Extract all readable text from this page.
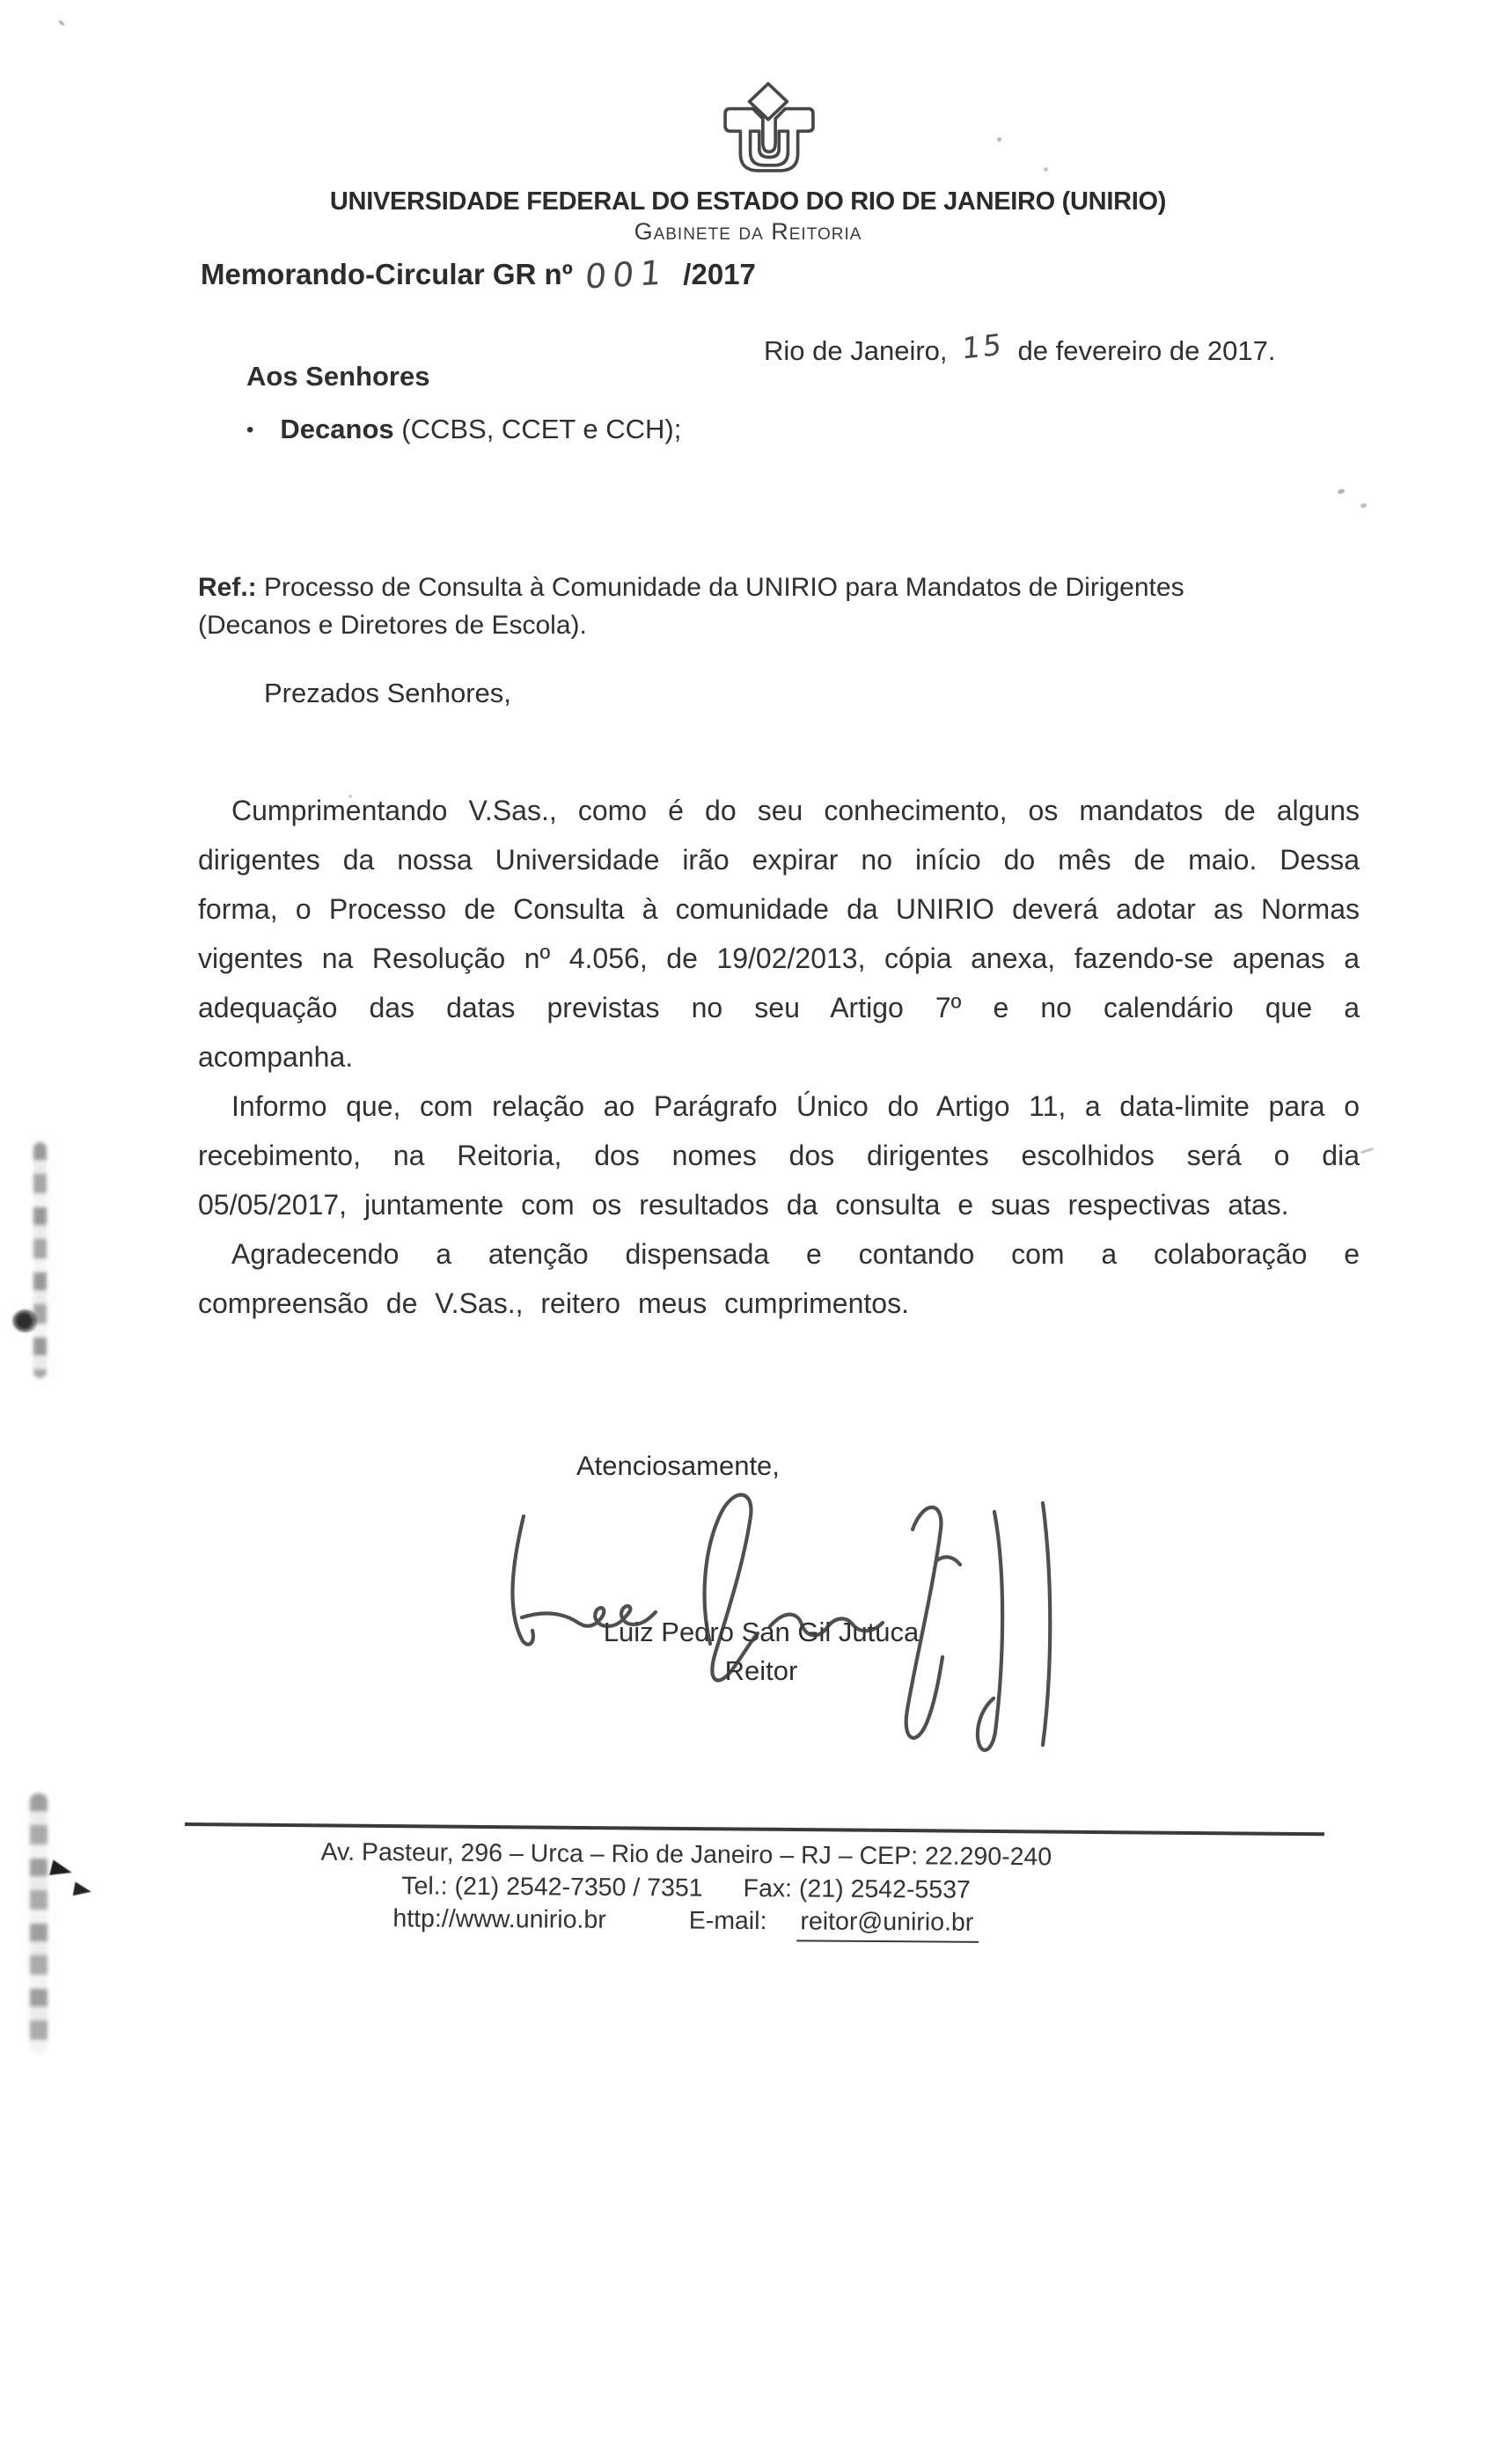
UNIVERSIDADE FEDERAL DO ESTADO DO RIO DE JANEIRO (UNIRIO)
Gabinete da Reitoria
Memorando-Circular GR nº 001 /2017
Rio de Janeiro, 15 de fevereiro de 2017.
Aos Senhores
• Decanos (CCBS, CCET e CCH);

Ref.: Processo de Consulta à Comunidade da UNIRIO para Mandatos de Dirigentes (Decanos e Diretores de Escola).

Prezados Senhores,

Cumprimentando V.Sas., como é do seu conhecimento, os mandatos de alguns dirigentes da nossa Universidade irão expirar no início do mês de maio. Dessa forma, o Processo de Consulta à comunidade da UNIRIO deverá adotar as Normas vigentes na Resolução nº 4.056, de 19/02/2013, cópia anexa, fazendo-se apenas a adequação das datas previstas no seu Artigo 7º e no calendário que a acompanha.

Informo que, com relação ao Parágrafo Único do Artigo 11, a data-limite para o recebimento, na Reitoria, dos nomes dos dirigentes escolhidos será o dia 05/05/2017, juntamente com os resultados da consulta e suas respectivas atas.

Agradecendo a atenção dispensada e contando com a colaboração e compreensão de V.Sas., reitero meus cumprimentos.

Atenciosamente,
Luiz Pedro San Gil Jutuca
Reitor
Av. Pasteur, 296 – Urca – Rio de Janeiro – RJ – CEP: 22.290-240
Tel.: (21) 2542-7350 / 7351 Fax: (21) 2542-5537
http://www.unirio.br	E-mail: reitor@unirio.br
